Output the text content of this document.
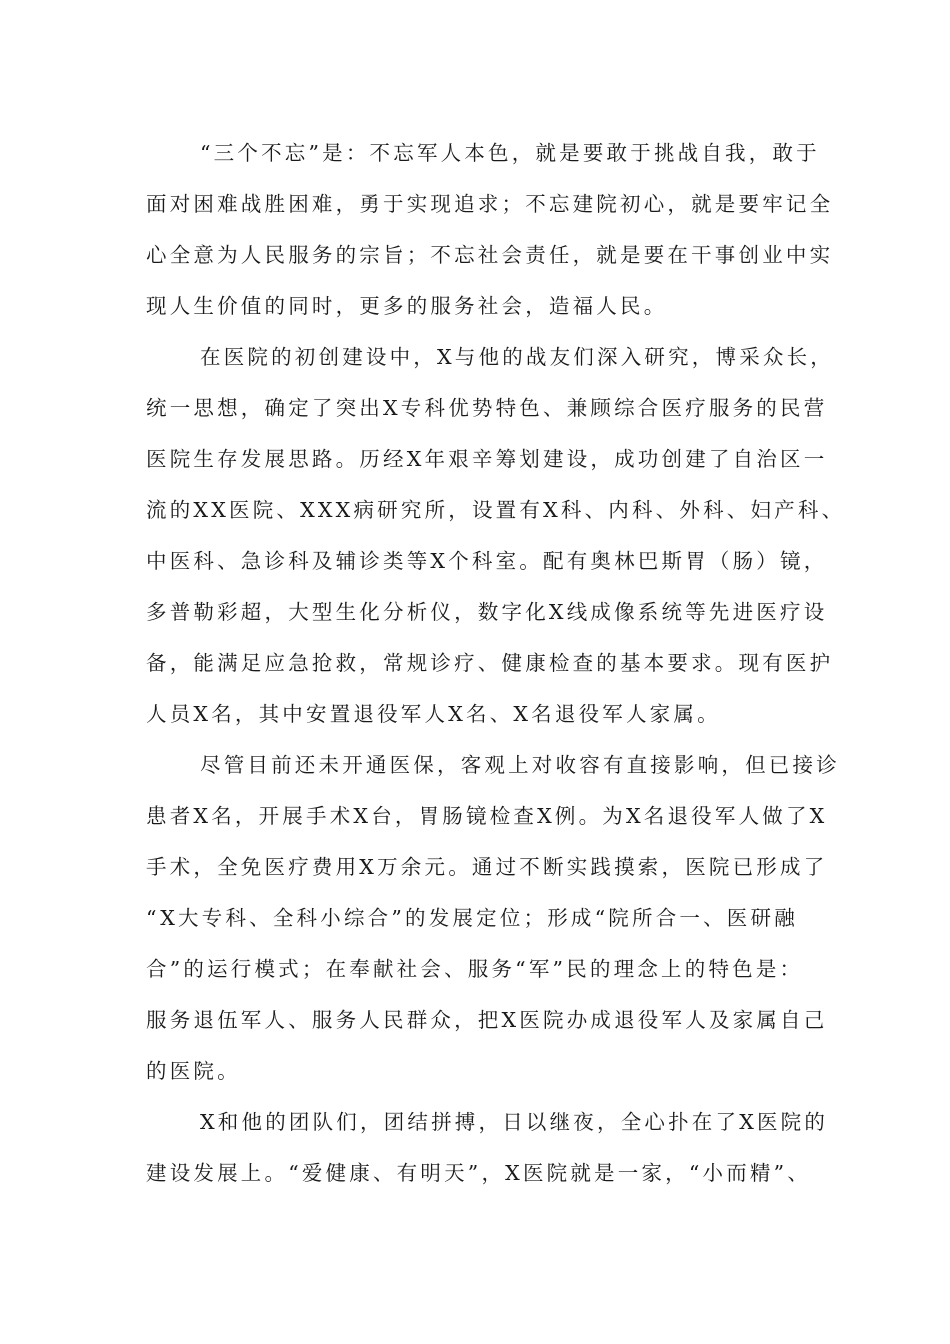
“三个不忘”是：不忘军人本色，就是要敢于挑战自我，敢于
面对困难战胜困难，勇于实现追求；不忘建院初心，就是要牢记全
心全意为人民服务的宗旨；不忘社会责任，就是要在干事创业中实
现人生价值的同时，更多的服务社会，造福人民。

在医院的初创建设中，X与他的战友们深入研究，博采众长，
统一思想，确定了突出X专科优势特色、兼顾综合医疗服务的民营
医院生存发展思路。历经X年艰辛筹划建设，成功创建了自治区一
流的XX医院、XXX病研究所，设置有X科、内科、外科、妇产科、
中医科、急诊科及辅诊类等X个科室。配有奥林巴斯胃（肠）镜，
多普勒彩超，大型生化分析仪，数字化X线成像系统等先进医疗设
备，能满足应急抢救，常规诊疗、健康检查的基本要求。现有医护
人员X名，其中安置退役军人X名、X名退役军人家属。

尽管目前还未开通医保，客观上对收容有直接影响，但已接诊
患者X名，开展手术X台，胃肠镜检查X例。为X名退役军人做了X
手术，全免医疗费用X万余元。通过不断实践摸索，医院已形成了
“X大专科、全科小综合”的发展定位；形成“院所合一、医研融
合”的运行模式；在奉献社会、服务“军”民的理念上的特色是：
服务退伍军人、服务人民群众，把X医院办成退役军人及家属自己
的医院。

X和他的团队们，团结拼搏，日以继夜，全心扑在了X医院的
建设发展上。“爱健康、有明天”，X医院就是一家，“小而精”、
